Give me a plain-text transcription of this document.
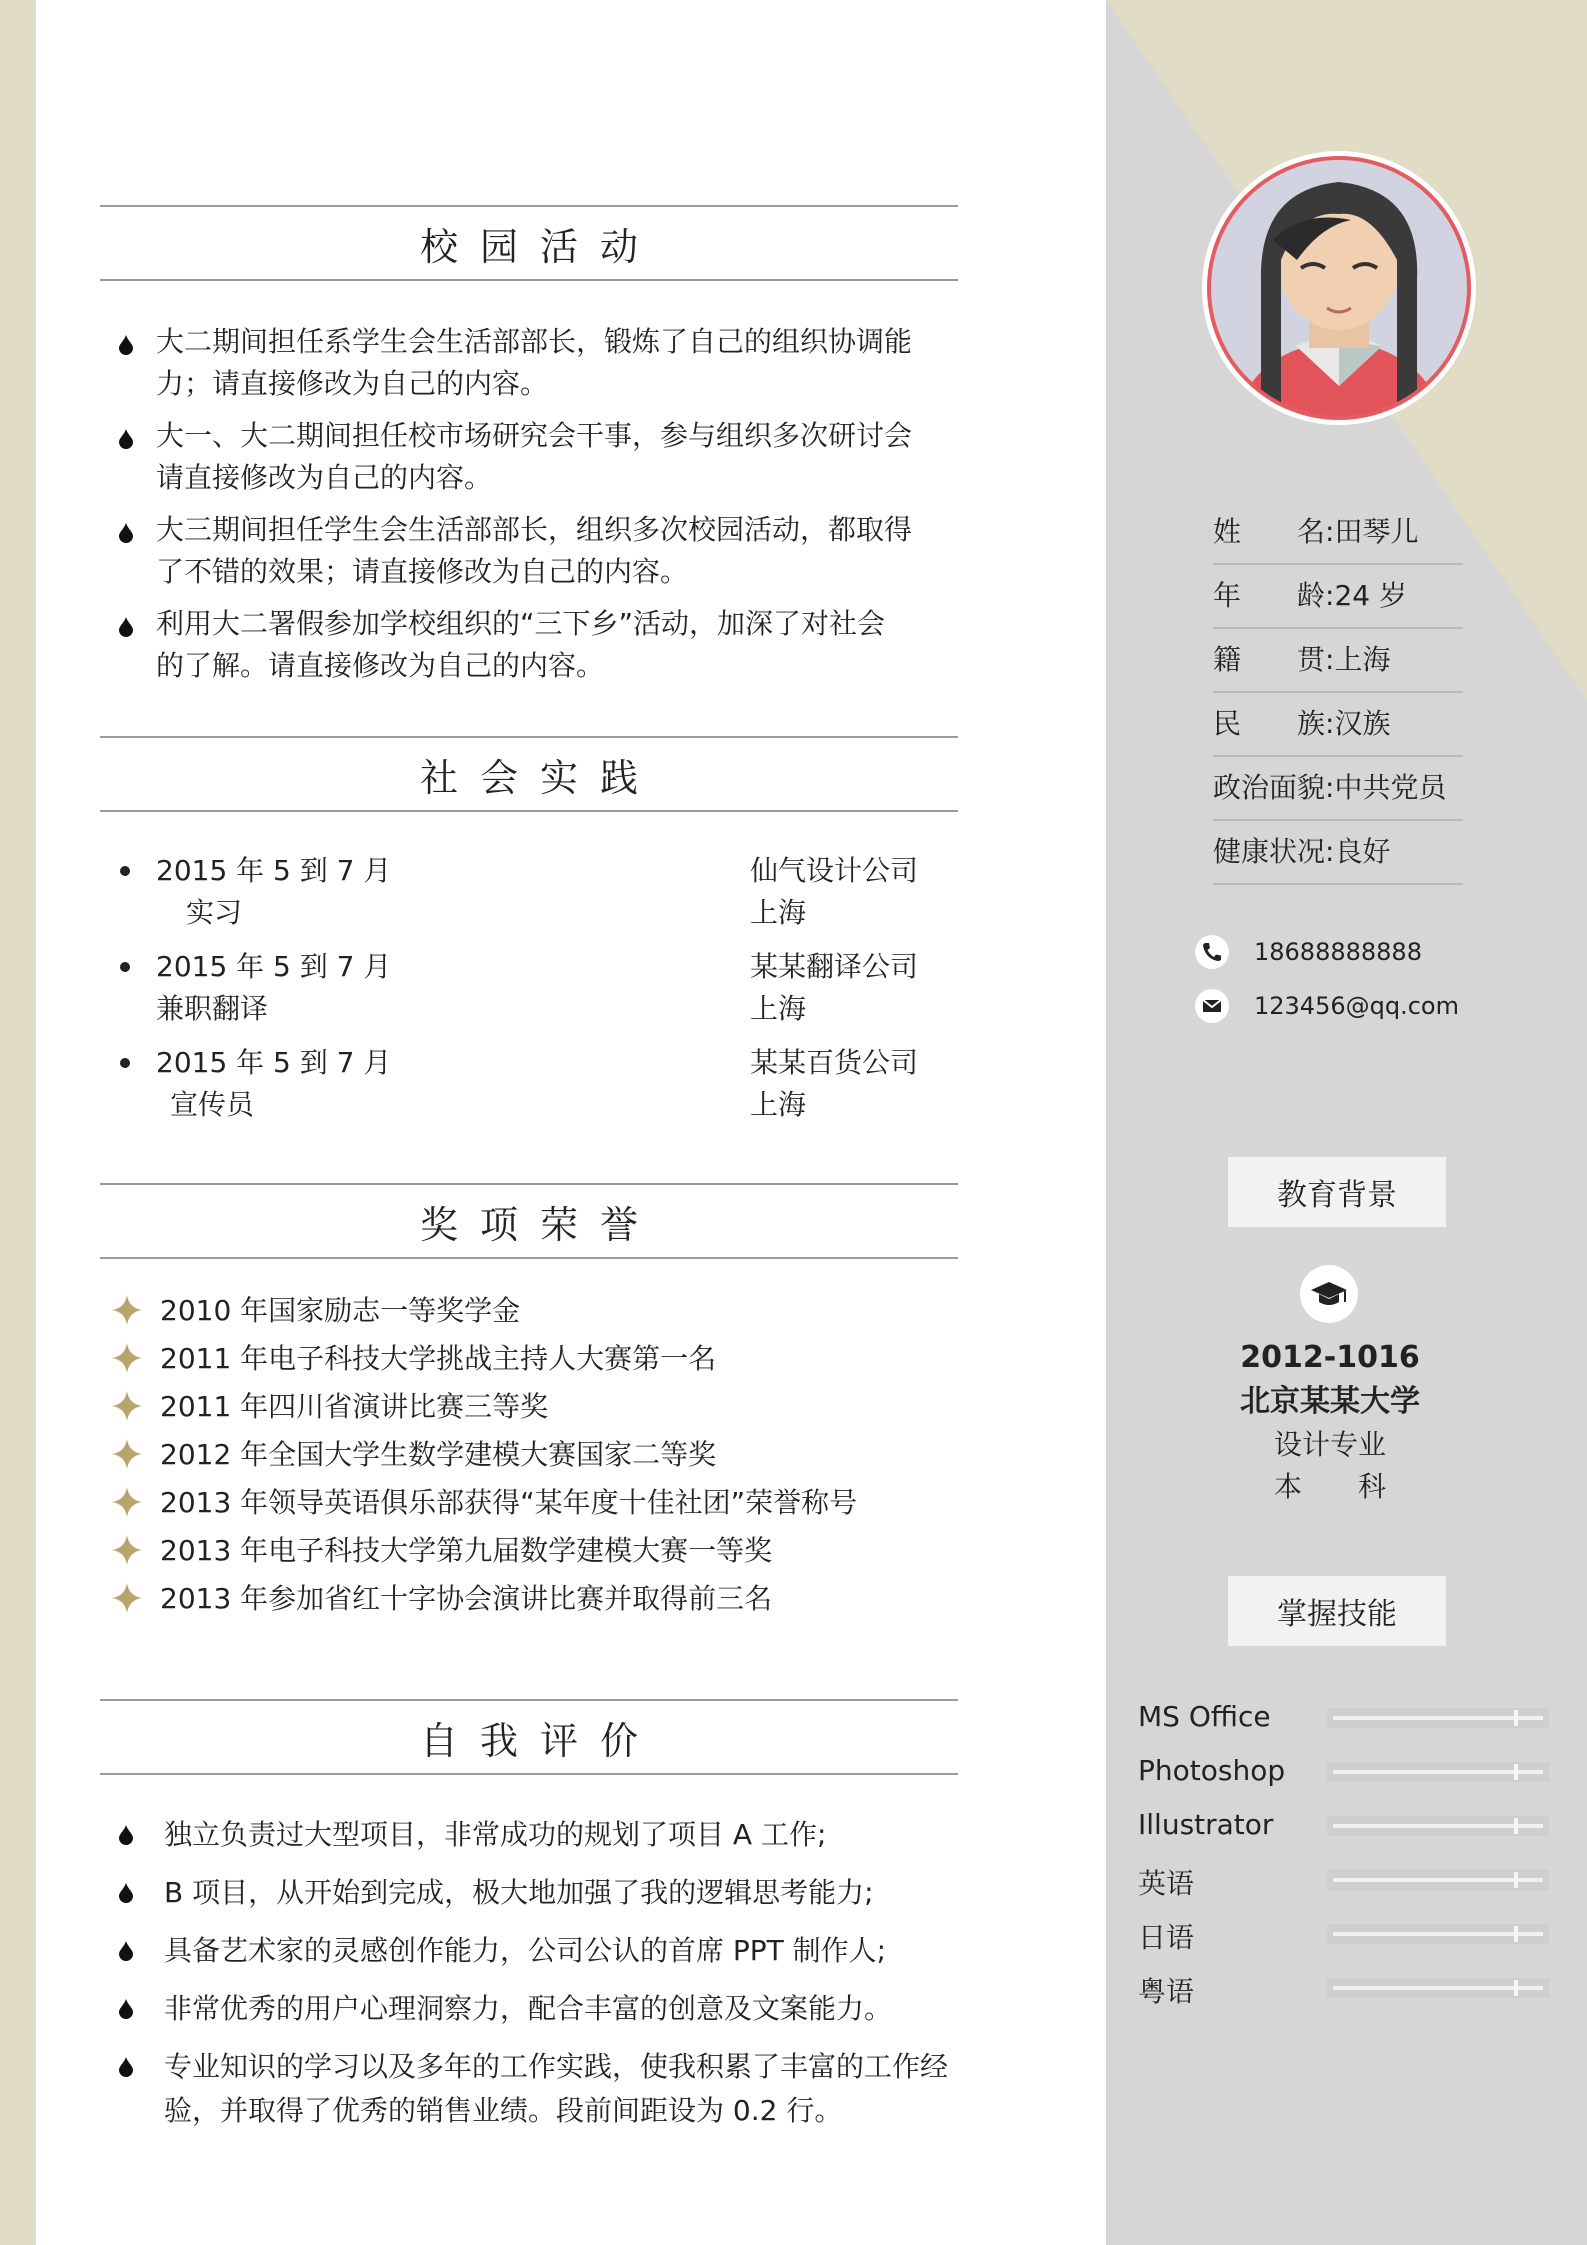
校园活动
大二期间担任系学生会生活部部长，锻炼了自己的组织协调能
力；请直接修改为自己的内容。
大一、大二期间担任校市场研究会干事，参与组织多次研讨会
请直接修改为自己的内容。
大三期间担任学生会生活部部长，组织多次校园活动，都取得
了不错的效果；请直接修改为自己的内容。
利用大二署假参加学校组织的“三下乡”活动，加深了对社会
的了解。请直接修改为自己的内容。
社会实践
2015 年 5 到 7 月
实习
仙气设计公司
上海
2015 年 5 到 7 月
兼职翻译
某某翻译公司
上海
2015 年 5 到 7 月
宣传员
某某百货公司
上海
奖项荣誉
2010 年国家励志一等奖学金
2011 年电子科技大学挑战主持人大赛第一名
2011 年四川省演讲比赛三等奖
2012 年全国大学生数学建模大赛国家二等奖
2013 年领导英语俱乐部获得“某年度十佳社团”荣誉称号
2013 年电子科技大学第九届数学建模大赛一等奖
2013 年参加省红十字协会演讲比赛并取得前三名
自我评价
独立负责过大型项目，非常成功的规划了项目 A 工作;
B 项目，从开始到完成，极大地加强了我的逻辑思考能力;
具备艺术家的灵感创作能力，公司公认的首席 PPT 制作人;
非常优秀的用户心理洞察力，配合丰富的创意及文案能力。
专业知识的学习以及多年的工作实践，使我积累了丰富的工作经
验，并取得了优秀的销售业绩。段前间距设为 0.2 行。
姓　　名:田琴儿
年　　龄:24 岁
籍　　贯:上海
民　　族:汉族
政治面貌:中共党员
健康状况:良好
18688888888
123456@qq.com
教育背景
2012-1016
北京某某大学
设计专业
本　　科
掌握技能
MS Office
Photoshop
Illustrator
英语
日语
粤语
